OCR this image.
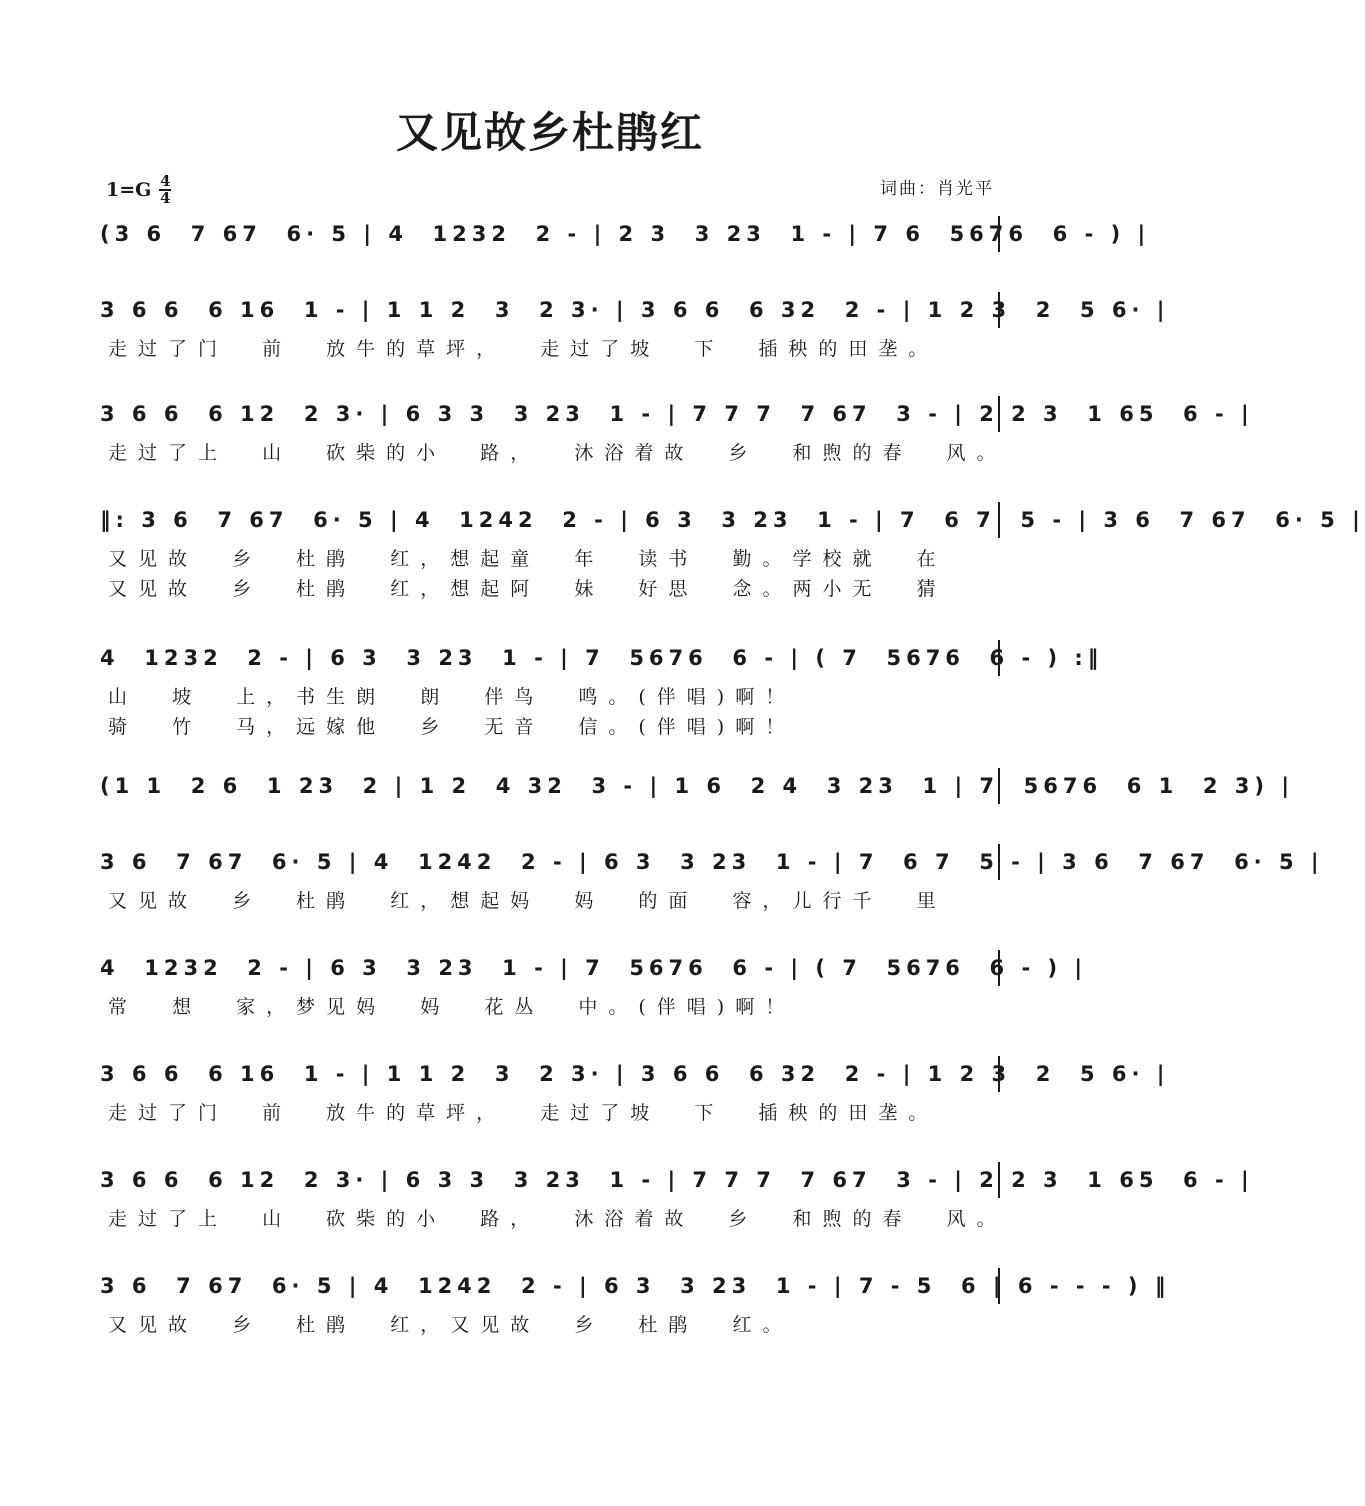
又见故乡杜鹃红
$1=G \frac{4}{4}$	词曲：肖光平
(3 6  7 67  6· 5 | 4  1232  2 - | 2 3  3 23  1 - | 7 6  5676  6 - ) |
3 6 6  6 16  1 - | 1 1 2  3  2 3· | 3 6 6  6 32  2 - | 1 2 3  2  5 6· |
走过了门  前  放牛的草坪，  走过了坡  下  插秧的田垄。
3 6 6  6 12  2 3· | 6 3 3  3 23  1 - | 7 7 7  7 67  3 - | 2 2 3  1 65  6 - |
走过了上  山  砍柴的小  路，  沐浴着故  乡  和煦的春  风。
‖: 3 6  7 67  6· 5 | 4  1242  2 - | 6 3  3 23  1 - | 7  6 7  5 - | 3 6  7 67  6· 5 |
又见故  乡  杜鹃  红，想起童  年  读书  勤。学校就  在
又见故  乡  杜鹃  红，想起阿  妹  好思  念。两小无  猜
4  1232  2 - | 6 3  3 23  1 - | 7  5676  6 - | ( 7  5676  6 - ) :‖
山  坡  上，书生朗  朗  伴鸟  鸣。(伴唱)啊！
骑  竹  马，远嫁他  乡  无音  信。(伴唱)啊！
(1 1  2 6  1 23  2 | 1 2  4 32  3 - | 1 6  2 4  3 23  1 | 7  5676  6 1  2 3) |
3 6  7 67  6· 5 | 4  1242  2 - | 6 3  3 23  1 - | 7  6 7  5 - | 3 6  7 67  6· 5 |
又见故  乡  杜鹃  红，想起妈  妈  的面  容，儿行千  里
4  1232  2 - | 6 3  3 23  1 - | 7  5676  6 - | ( 7  5676  6 - ) |
常  想  家，梦见妈  妈  花丛  中。(伴唱)啊！
3 6 6  6 16  1 - | 1 1 2  3  2 3· | 3 6 6  6 32  2 - | 1 2 3  2  5 6· |
走过了门  前  放牛的草坪，  走过了坡  下  插秧的田垄。
3 6 6  6 12  2 3· | 6 3 3  3 23  1 - | 7 7 7  7 67  3 - | 2 2 3  1 65  6 - |
走过了上  山  砍柴的小  路，  沐浴着故  乡  和煦的春  风。
3 6  7 67  6· 5 | 4  1242  2 - | 6 3  3 23  1 - | 7 - 5  6 | 6 - - - ) ‖
又见故  乡  杜鹃  红，又见故  乡  杜鹃  红。
